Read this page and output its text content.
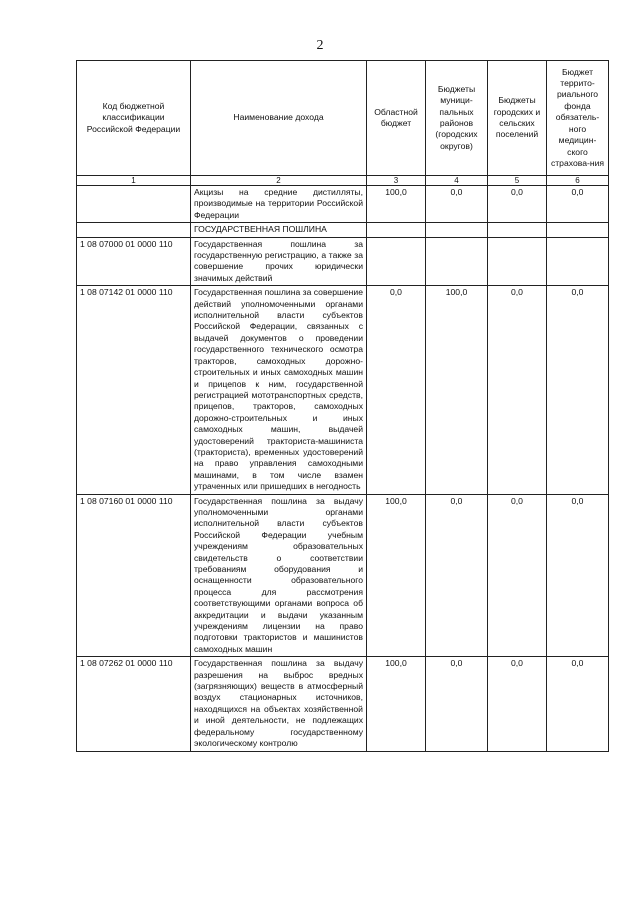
2
Код бюджетной классификации Российской Федерации	Наименование дохода	Областной бюджет	Бюджеты муници-пальных районов (городских округов)	Бюджеты городских и сельских поселений	Бюджет террито-риального фонда обязатель-ного медицин-ского страхова-ния
1	2	3	4	5	6
	Акцизы на средние дистилляты, производимые на территории Российской Федерации	100,0	0,0	0,0	0,0
	ГОСУДАРСТВЕННАЯ ПОШЛИНА				
1 08 07000 01 0000 110	Государственная пошлина за государственную регистрацию, а также за совершение прочих юридически значимых действий				
1 08 07142 01 0000 110	Государственная пошлина за совершение действий уполномоченными органами исполнительной власти субъектов Российской Федерации, связанных с выдачей документов о проведении государственного технического осмотра тракторов, самоходных дорожно-строительных и иных самоходных машин и прицепов к ним, государственной регистрацией мототранспортных средств, прицепов, тракторов, самоходных дорожно-строительных и иных самоходных машин, выдачей удостоверений тракториста-машиниста (тракториста), временных удостоверений на право управления самоходными машинами, в том числе взамен утраченных или пришедших в негодность	0,0	100,0	0,0	0,0
1 08 07160 01 0000 110	Государственная пошлина за выдачу уполномоченными органами исполнительной власти субъектов Российской Федерации учебным учреждениям образовательных свидетельств о соответствии требованиям оборудования и оснащенности образовательного процесса для рассмотрения соответствующими органами вопроса об аккредитации и выдачи указанным учреждениям лицензии на право подготовки трактористов и машинистов самоходных машин	100,0	0,0	0,0	0,0
1 08 07262 01 0000 110	Государственная пошлина за выдачу разрешения на выброс вредных (загрязняющих) веществ в атмосферный воздух стационарных источников, находящихся на объектах хозяйственной и иной деятельности, не подлежащих федеральному государственному экологическому контролю	100,0	0,0	0,0	0,0
